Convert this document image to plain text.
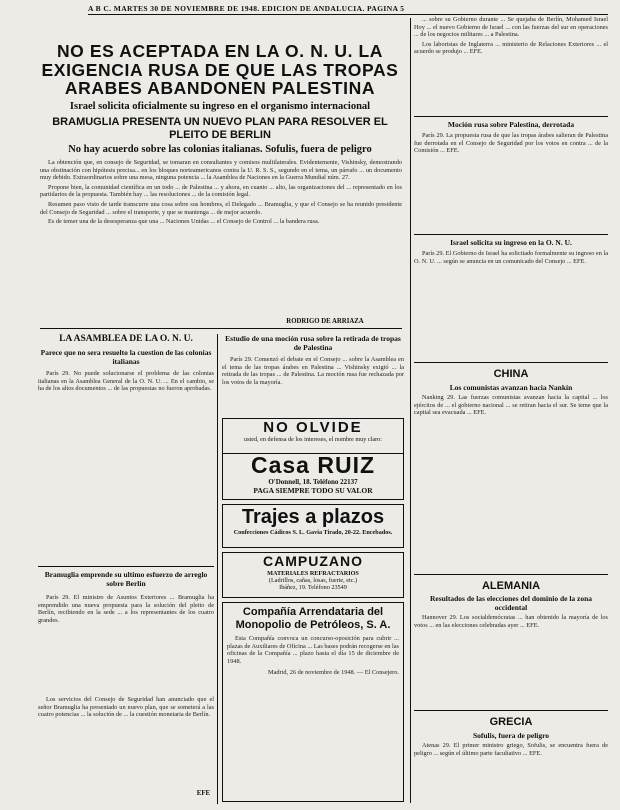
A B C. MARTES 30 DE NOVIEMBRE DE 1948. EDICION DE ANDALUCIA. PAGINA 5
NO ES ACEPTADA EN LA O. N. U. LA EXIGENCIA RUSA DE QUE LAS TROPAS ARABES ABANDONEN PALESTINA
Israel solicita oficialmente su ingreso en el organismo internacional
BRAMUGLIA PRESENTA UN NUEVO PLAN PARA RESOLVER EL PLEITO DE BERLIN
No hay acuerdo sobre las colonias italianas. Sofulis, fuera de peligro

La obtención que, en consejo de Seguridad, se tomaran en consultantes y comisos multilaterales. Evidentemente, Vishinsky, demostrando una obstinación con hipótesis precisa... en los bloques norteamericanos contra la U. R. S. S., segundo en el tema, un párrafo ... un documento muy debido. Extraordinarios sobre una mesa, ninguna potencia ... la Asamblea de Naciones en la Guerra Mundial núm. 27.

Propone bien, la comunidad científica en un todo ... de Palestina ... y ahora, en cuanto ... alto, las organizaciones del ... representado en los partidarios de la propuesta. También hay ... las resoluciones ... de la comisión legal.

Resumen paso visto de tarde transcurre una cosa sobre sus hombres, el Delegado ... Bramuglia, y que el Consejo se ha reunido presidente del Consejo de Seguridad ... sobre el transporte, y que se mantenga ... de mejor acuerdo.

Es de temer una de la desesperanza que una ... Naciones Unidas ... el Consejo de Control ... la bandera rusa.

RODRIGO DE ARRIAZA
LA ASAMBLEA DE LA O. N. U.
Parece que no sera resuelto la cuestion de las colonias italianas

París 29. No puede solucionarse el problema de las colonias italianas en la Asamblea General de la O. N. U. ... En el cambio, se ha de los altos documentos ... de las propuestas no fueron aprobadas.

Bramuglia emprende su ultimo esfuerzo de arreglo sobre Berlin

París 29. El ministro de Asuntos Exteriores ... Bramuglia ha emprendido una nueva propuesta para la solución del pleito de Berlín, recibiendo en la sede ... a los representantes de los cuatro grandes.

Los servicios del Consejo de Seguridad han anunciado que el señor Bramuglia ha presentado un nuevo plan, que se someterá a las cuatro potencias ... la solución de ... la cuestión monetaria de Berlín.

EFE
Estudio de una moción rusa sobre la retirada de tropas de Palestina

París 29. Comenzó el debate en el Consejo ... sobre la Asamblea en el tema de las tropas árabes en Palestina ... Vishinsky exigió ... la retirada de las tropas ... de Palestina. La moción rusa fue rechazada por los votos de la mayoría.

NO OLVIDE
usted, en defensa de los intereses, el nombre muy claro:
Casa RUIZ
O'Donnell, 18. Teléfono 22137
PAGA SIEMPRE TODO SU VALOR
Trajes a plazos
Confecciones Cádicos S. L. Gavia Tirado, 20-22. Encebados.
CAMPUZANO
MATERIALES REFRACTARIOS
(Ladrillos, cañas, losas, fuerte, etc.)
Ibáñez, 19. Teléfono 23549
Compañía Arrendataria del Monopolio de Petróleos, S. A.

Esta Compañía convoca un concurso-oposición para cubrir ... plazas de Auxiliares de Oficina ... Las bases podrán recogerse en las oficinas de la Compañía ... plazo hasta el día 15 de diciembre de 1948.

Madrid, 26 de noviembre de 1948. — El Consejero.

... sobre su Gobierno durante ... Se quejaba de Berlín, Mohamed Israel Hoy ... el nuevo Gobierno de Israel ... con las fuerzas del sur en operaciones ... de los negocios militares ... a Palestina.

Los laboristas de Inglaterra ... ministerio de Relaciones Exteriores ... el acuerdo se produjo ... EFE.

Moción rusa sobre Palestina, derrotada

París 29. La propuesta rusa de que las tropas árabes salieran de Palestina fue derrotada en el Consejo de Seguridad por los votos en contra ... de la Comisión ... EFE.

Israel solicita su ingreso en la O. N. U.

París 29. El Gobierno de Israel ha solicitado formalmente su ingreso en la O. N. U. ... según se anuncia en un comunicado del Consejo ... EFE.

CHINA
Los comunistas avanzan hacia Nankín

Nanking 29. Las fuerzas comunistas avanzan hacia la capital ... los ejércitos de ... el gobierno nacional ... se retiran hacia el sur. Se teme que la capital sea evacuada ... EFE.

ALEMANIA
Resultados de las elecciones del dominio de la zona occidental

Hannover 29. Los socialdemócratas ... han obtenido la mayoría de los votos ... en las elecciones celebradas ayer ... EFE.

GRECIA
Sofulis, fuera de peligro

Atenas 29. El primer ministro griego, Sofulis, se encuentra fuera de peligro ... según el último parte facultativo ... EFE.
